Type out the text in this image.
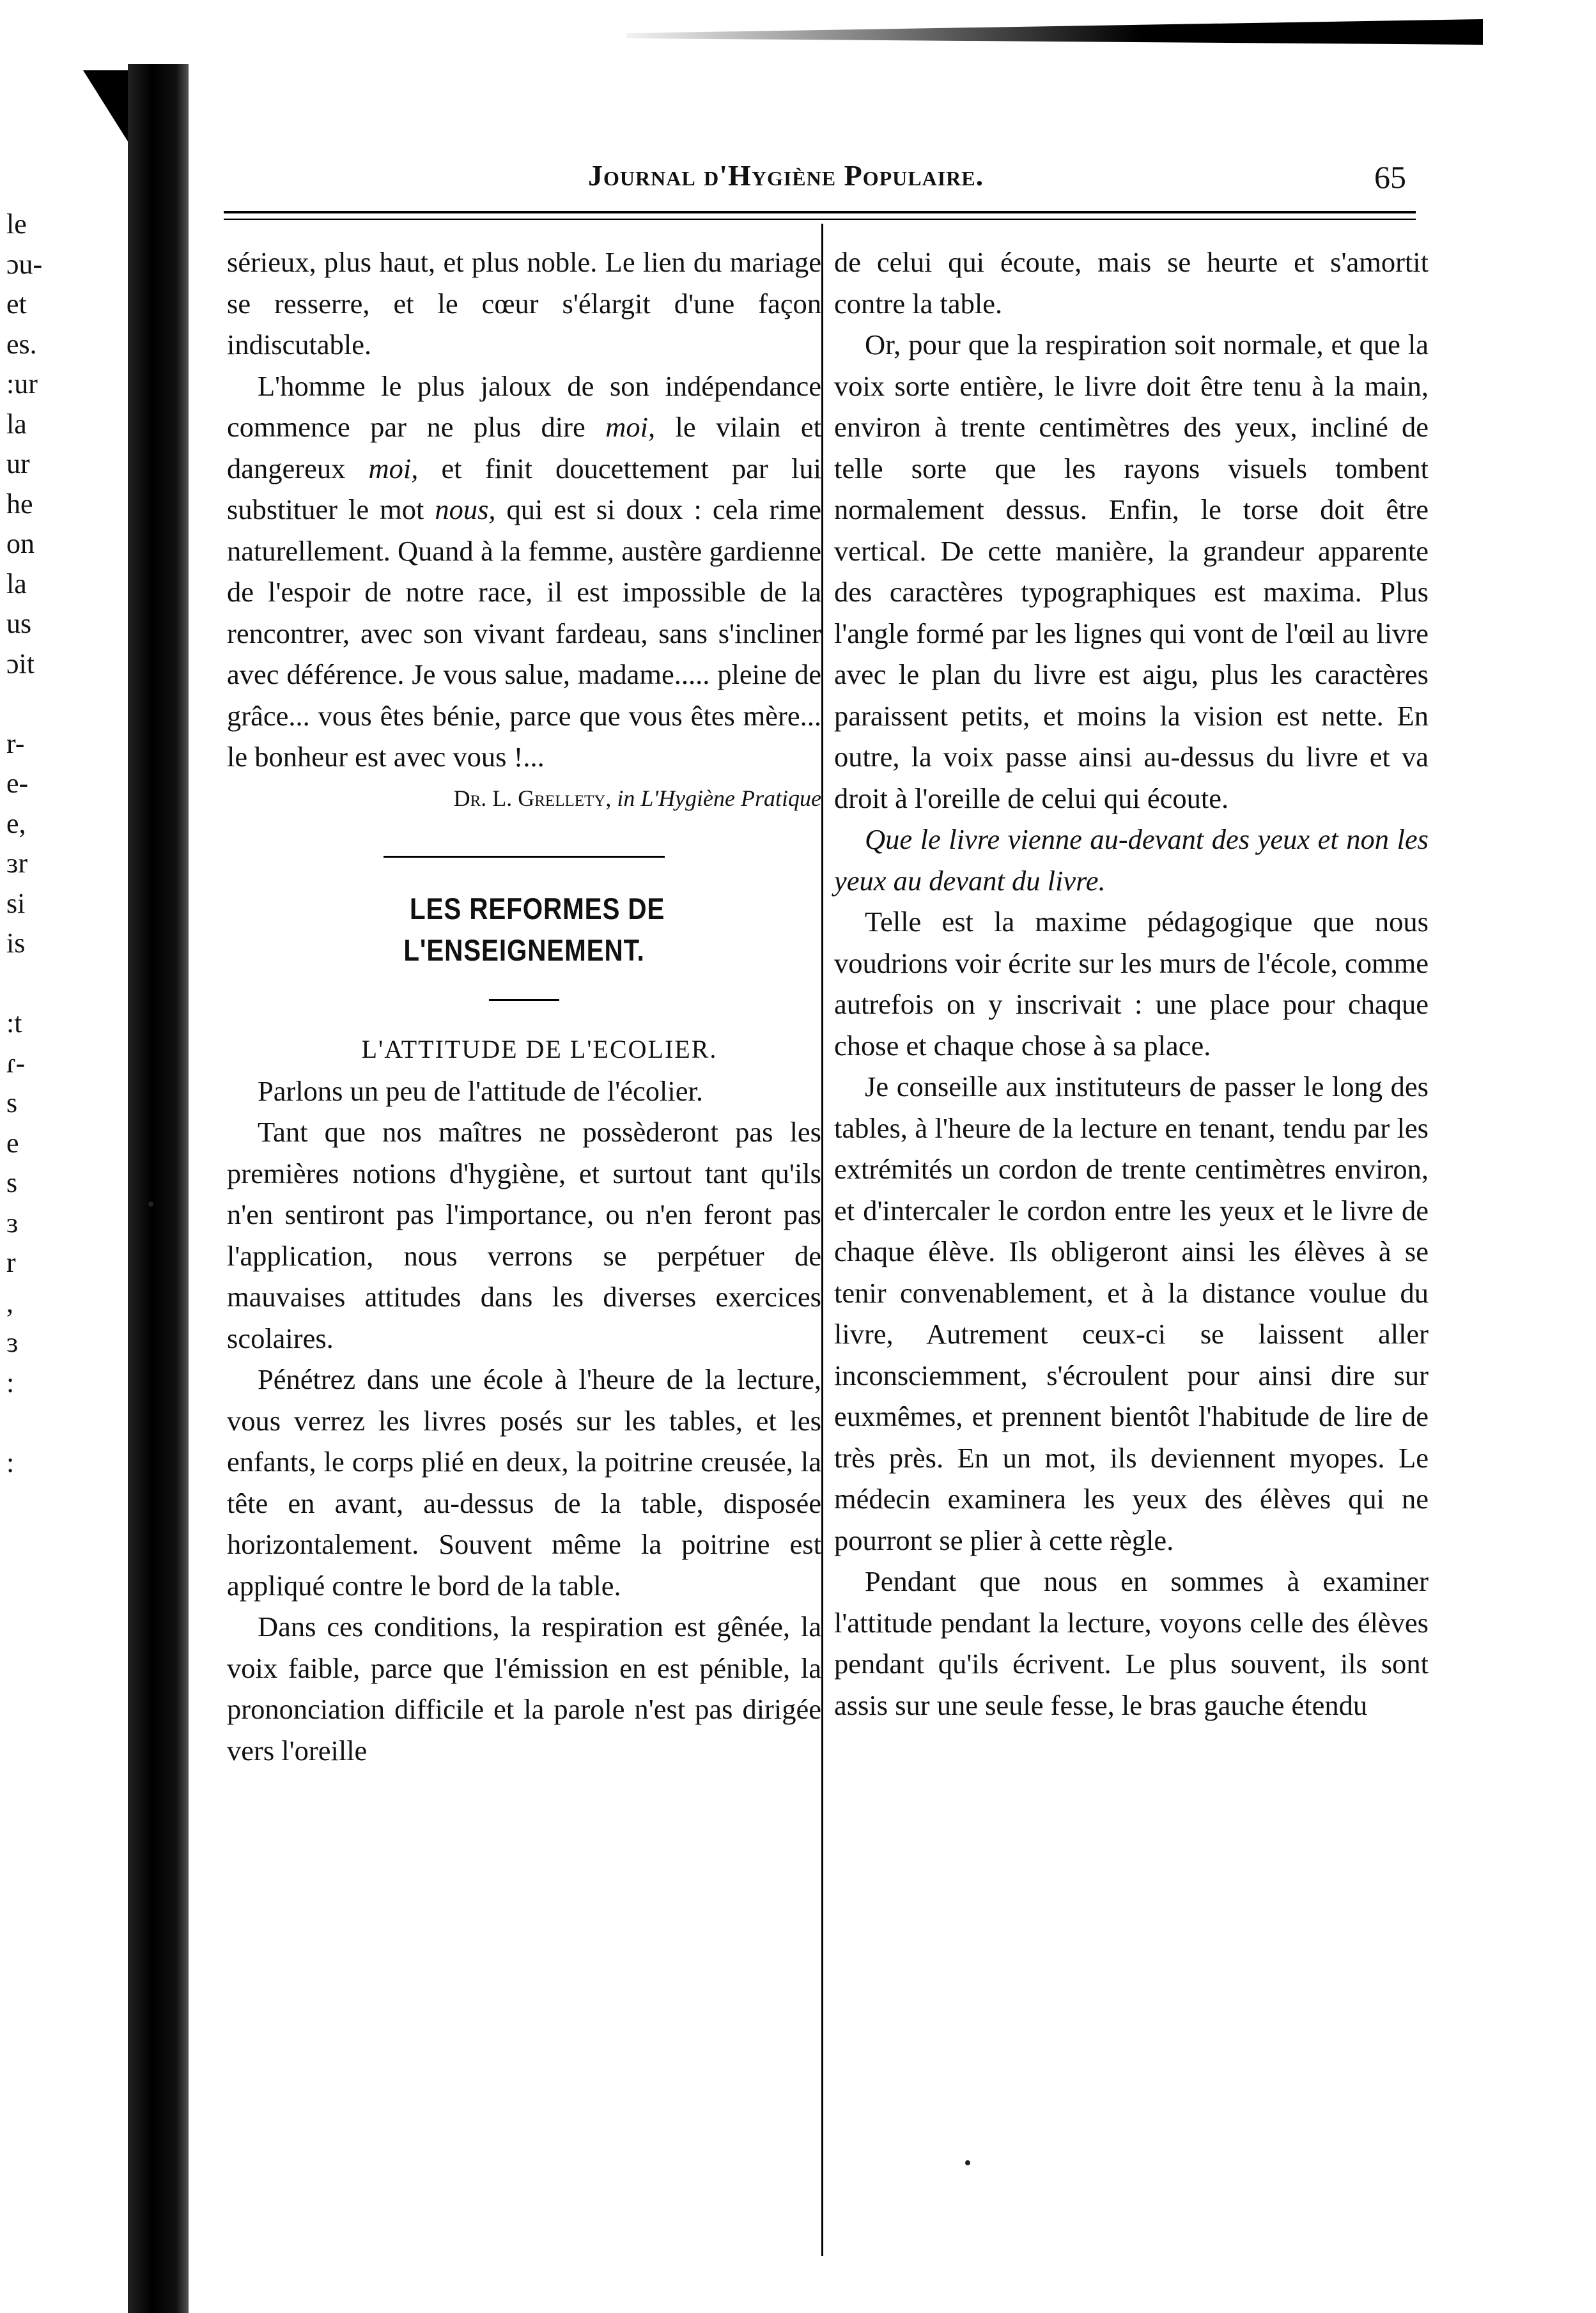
le
ɔu-
et
es.
:ur
la
ur
he
on
la
us
ɔit

r-
e-
e,
ɜr
si
is

:t
ɾ-
s
e
s
ɜ
r
,
ɜ
:

:
Journal d'Hygiène Populaire.	65

sérieux, plus haut, et plus noble. Le lien du mariage se resserre, et le cœur s'élargit d'une façon indiscutable.

L'homme le plus jaloux de son indépendance commence par ne plus dire moi, le vilain et dangereux moi, et finit doucettement par lui substituer le mot nous, qui est si doux : cela rime naturellement. Quand à la femme, austère gardienne de l'espoir de notre race, il est impossible de la rencontrer, avec son vivant fardeau, sans s'incliner avec déférence. Je vous salue, madame..... pleine de grâce... vous êtes bénie, parce que vous êtes mère... le bonheur est avec vous !...

Dr. L. Grellety, in L'Hygiène Pratique

LES REFORMES DE L'ENSEIGNEMENT.

L'ATTITUDE DE L'ECOLIER.

Parlons un peu de l'attitude de l'écolier.

Tant que nos maîtres ne possèderont pas les premières notions d'hygiène, et surtout tant qu'ils n'en sentiront pas l'importance, ou n'en feront pas l'application, nous verrons se perpétuer de mauvaises attitudes dans les diverses exercices scolaires.

Pénétrez dans une école à l'heure de la lecture, vous verrez les livres posés sur les tables, et les enfants, le corps plié en deux, la poitrine creusée, la tête en avant, au-dessus de la table, disposée horizontalement. Souvent même la poitrine est appliqué contre le bord de la table.

Dans ces conditions, la respiration est gênée, la voix faible, parce que l'émission en est pénible, la prononciation difficile et la parole n'est pas dirigée vers l'oreille

de celui qui écoute, mais se heurte et s'amortit contre la table.

Or, pour que la respiration soit normale, et que la voix sorte entière, le livre doit être tenu à la main, environ à trente centimètres des yeux, incliné de telle sorte que les rayons visuels tombent normalement dessus. Enfin, le torse doit être vertical. De cette manière, la grandeur apparente des caractères typographiques est maxima. Plus l'angle formé par les lignes qui vont de l'œil au livre avec le plan du livre est aigu, plus les caractères paraissent petits, et moins la vision est nette. En outre, la voix passe ainsi au-dessus du livre et va droit à l'oreille de celui qui écoute.

Que le livre vienne au-devant des yeux et non les yeux au devant du livre.

Telle est la maxime pédagogique que nous voudrions voir écrite sur les murs de l'école, comme autrefois on y inscrivait : une place pour chaque chose et chaque chose à sa place.

Je conseille aux instituteurs de passer le long des tables, à l'heure de la lecture en tenant, tendu par les extrémités un cordon de trente centimètres environ, et d'intercaler le cordon entre les yeux et le livre de chaque élève. Ils obligeront ainsi les élèves à se tenir convenablement, et à la distance voulue du livre, Autrement ceux-ci se laissent aller inconsciemment, s'écroulent pour ainsi dire sur euxmêmes, et prennent bientôt l'habitude de lire de très près. En un mot, ils deviennent myopes. Le médecin examinera les yeux des élèves qui ne pourront se plier à cette règle.

Pendant que nous en sommes à examiner l'attitude pendant la lecture, voyons celle des élèves pendant qu'ils écrivent. Le plus souvent, ils sont assis sur une seule fesse, le bras gauche étendu
